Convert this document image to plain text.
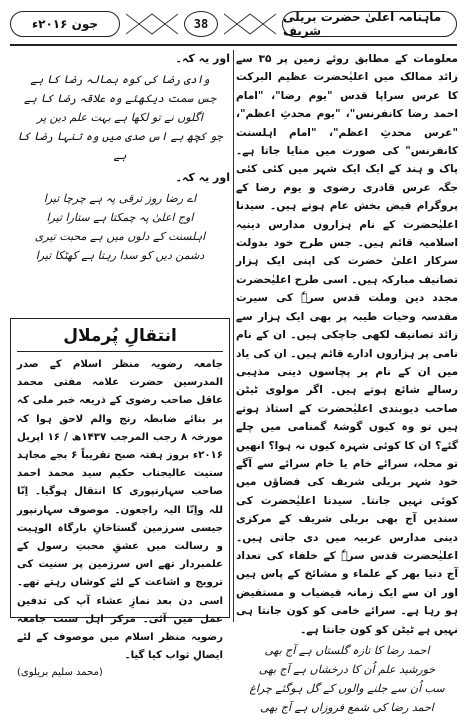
جون ۲۰۱۶ء	38	ماہنامہ اعلیٰ حضرت بریلی شریف

معلومات کے مطابق روئے زمین پر ۳۵ سے زائد ممالک میں اعلیٰحضرت عظیم البرکت کا عرس سراپا قدس "یوم رضا"، "امام احمد رضا کانفرنس"، "یوم محدثِ اعظم"، "عرس محدثِ اعظم"، "امام اہلسنت کانفرنس" کی صورت میں منایا جاتا ہے۔ پاک و ہند کے ایک ایک شہر میں کئی کئی جگہ عرس قادری رضوی و یوم رضا کے پروگرام فیض بخش عام ہوتے ہیں۔ سیدنا اعلیٰحضرت کے نام ہزاروں مدارس دینیہ اسلامیہ قائم ہیں۔ جس طرح خود بدولت سرکار اعلیٰ حضرت کی اپنی ایک ہزار تصانیف مبارکہ ہیں۔ اسی طرح اعلیٰحضرت مجدد دین وملت قدس سرہٗ کی سیرت مقدسہ وحیات طیبہ پر بھی ایک ہزار سے زائد تصانیف لکھی جاچکی ہیں۔ ان کے نام نامی پر ہزاروں ادارے قائم ہیں۔ ان کی یاد میں ان کے نام پر پچاسوں دینی مذہبی رسالے شائع ہوتے ہیں۔ اگر مولوی ٹیٹن صاحب دیوبندی اعلیٰحضرت کے استاذ ہوتے ہیں تو وہ کیوں گوشۂ گمنامی میں چلے گئے؟ ان کا کوئی شہرہ کیوں نہ ہوا؟ انھیں تو محلہ، سرائے خام یا خام سرائے سے آگے خود شہر بریلی شریف کی فضاؤں میں کوئی نہیں جانتا۔ سیدنا اعلیٰحضرت کی سندیں آج بھی بریلی شریف کے مرکزی دینی مدارس عربیہ میں دی جاتی ہیں۔ اعلیٰحضرت قدس سرہٗ کے خلفاء کی تعداد آج دنیا بھر کے علماء و مشائخ کے پاس ہیں اور ان سے ایک زمانہ فیضیاب و مستفیض ہو رہا ہے۔ سرائے خامی کو کون جانتا ہی نہیں ہے ٹیٹن کو کون جانتا ہے۔

احمد رضا کا تازہ گلستاں ہے آج بھی

خورشید علم اُن کا درخشاں ہے آج بھی

سب اُن سے جلنے والوں کے گل ہوگئے چراغ

احمد رضا کی شمع فروزاں ہے آج بھی

اور یہ کہ۔

وادی رضا کی کوہ ہمالہ رضا کا ہے

جس سمت دیکھئے وہ علاقہ رضا کا ہے

اگلوں نے تو لکھا ہے بہت علم دین پر

جو کچھ ہے اس صدی میں وہ تنہا رضا کا ہے

اور یہ کہ۔

اے رضا روز ترقی پہ ہے چرچا تیرا

اوج اعلیٰ پہ چمکتا ہے ستارا تیرا

اہلسنت کے دلوں میں ہے محبت تیری

دشمن دیں کو سدا رہتا ہے کھٹکا تیرا

انتقالِ پُرملال
جامعہ رضویہ منظر اسلام کے صدر المدرسین حضرت علامہ مفتی محمد عاقل صاحب رضوی کے ذریعہ خبر ملی کہ بر بنائے ضابطہ رنج والم لاحق ہوا کہ مورخہ ۸ رجب المرجب ۱۴۳۷ھ / ۱۶ اپریل ۲۰۱۶ء بروز ہفتہ صبح تقریباً ۶ بجے مجاہد سنیت عالیجناب حکیم سید محمد احمد صاحب سہارنپوری کا انتقال ہوگیا۔ اِنّا للہ واِنّا الیہ راجعون۔ موصوف سہارنپور جیسی سرزمین گستاخانِ بارگاہ الوہیت و رسالت میں عشقِ محبتِ رسول کے علمبردار تھے اس سرزمین پر سنیت کی ترویج و اشاعت کے لئے کوشاں رہتے تھے۔ اسی دن بعد نمازِ عشاء آپ کی تدفین عمل میں آئی۔ مرکز اہل سنت جامعہ رضویہ منظر اسلام میں موصوف کے لئے ایصالِ ثواب کیا گیا۔
(محمد سلیم بریلوی)
